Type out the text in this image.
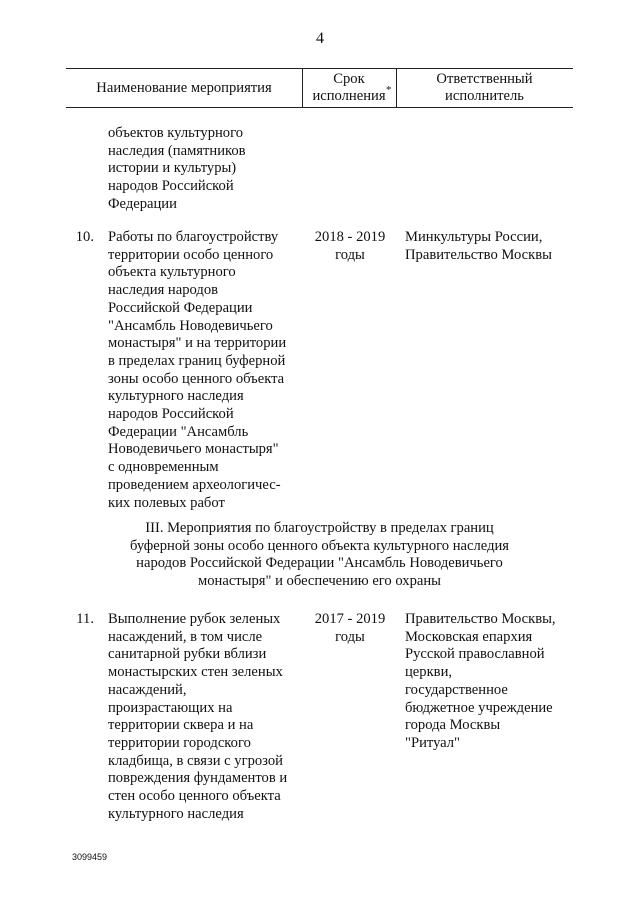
4
Наименование мероприятия
Срок
исполнения *
Ответственный
исполнитель
объектов культурного
наследия (памятников
истории и культуры)
народов Российской
Федерации
10. Работы по благоустройству
территории особо ценного
объекта культурного
наследия народов
Российской Федерации
"Ансамбль Новодевичьего
монастыря" и на территории
в пределах границ буферной
зоны особо ценного объекта
культурного наследия
народов Российской
Федерации "Ансамбль
Новодевичьего монастыря"
с одновременным
проведением археологичес-
ких полевых работ
2018 - 2019
годы
Минкультуры России,
Правительство Москвы
III. Мероприятия по благоустройству в пределах границ
буферной зоны особо ценного объекта культурного наследия
народов Российской Федерации "Ансамбль Новодевичьего
монастыря" и обеспечению его охраны
11. Выполнение рубок зеленых
насаждений, в том числе
санитарной рубки вблизи
монастырских стен зеленых
насаждений,
произрастающих на
территории сквера и на
территории городского
кладбища, в связи с угрозой
повреждения фундаментов и
стен особо ценного объекта
культурного наследия
2017 - 2019
годы
Правительство Москвы,
Московская епархия
Русской православной
церкви,
государственное
бюджетное учреждение
города Москвы
"Ритуал"
3099459
